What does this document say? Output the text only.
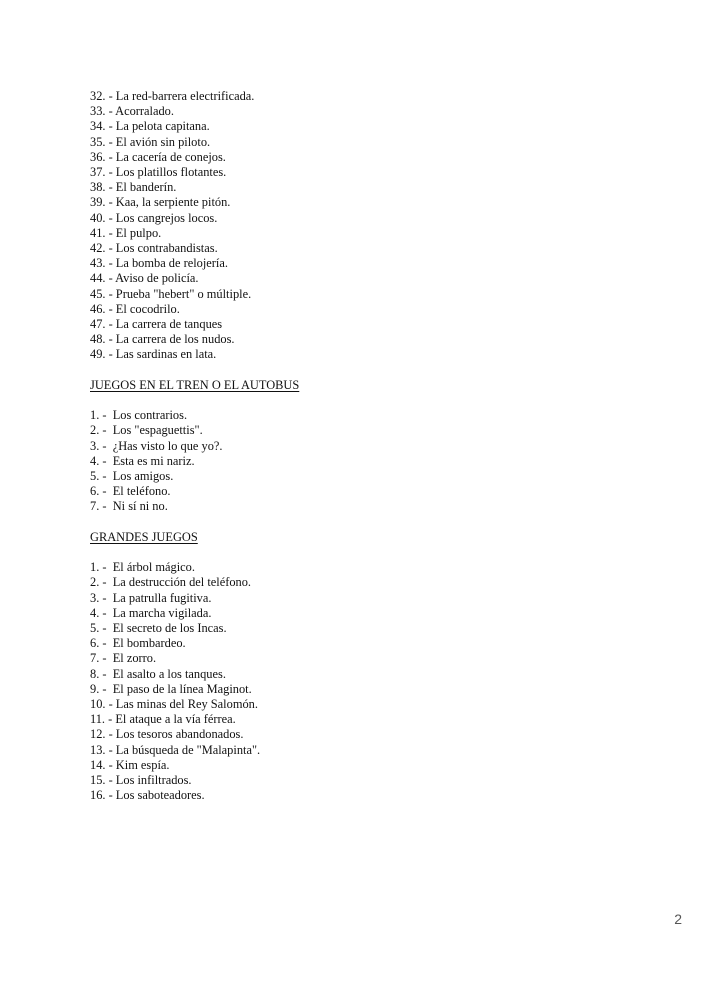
32. - La red-barrera electrificada.
33. - Acorralado.
34. - La pelota capitana.
35. - El avión sin piloto.
36. - La cacería de conejos.
37. - Los platillos flotantes.
38. - El banderín.
39. - Kaa, la serpiente pitón.
40. - Los cangrejos locos.
41. - El pulpo.
42. - Los contrabandistas.
43. - La bomba de relojería.
44. - Aviso de policía.
45. - Prueba "hebert" o múltiple.
46. - El cocodrilo.
47. - La carrera de tanques
48. - La carrera de los nudos.
49. - Las sardinas en lata.
JUEGOS EN EL TREN O EL AUTOBUS
1. -  Los contrarios.
2. -  Los "espaguettis".
3. -  ¿Has visto lo que yo?.
4. -  Esta es mi nariz.
5. -  Los amigos.
6. -  El teléfono.
7. -  Ni sí ni no.
GRANDES JUEGOS
1. -  El árbol mágico.
2. -  La destrucción del teléfono.
3. -  La patrulla fugitiva.
4. -  La marcha vigilada.
5. -  El secreto de los Incas.
6. -  El bombardeo.
7. -  El zorro.
8. -  El asalto a los tanques.
9. -  El paso de la línea Maginot.
10. - Las minas del Rey Salomón.
11. - El ataque a la vía férrea.
12. - Los tesoros abandonados.
13. - La búsqueda de "Malapinta".
14. - Kim espía.
15. - Los infiltrados.
16. - Los saboteadores.
2
